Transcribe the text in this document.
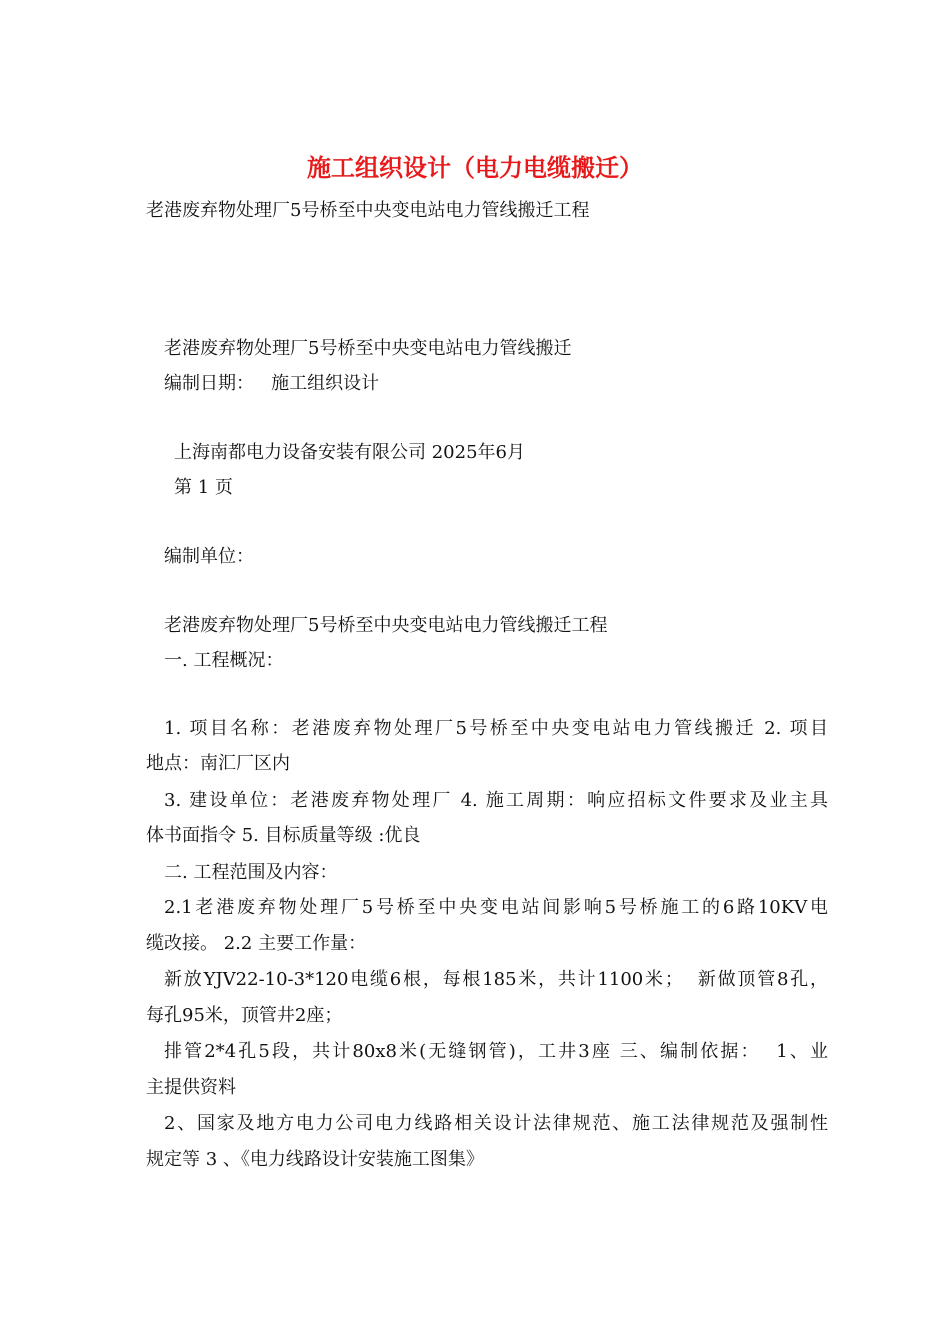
施工组织设计（电力电缆搬迁）
老港废弃物处理厂5号桥至中央变电站电力管线搬迁工程
老港废弃物处理厂5号桥至中央变电站电力管线搬迁
编制日期：   施工组织设计
上海南都电力设备安装有限公司 2025年6月
第 1 页
编制单位：
老港废弃物处理厂5号桥至中央变电站电力管线搬迁工程
一. 工程概况：
1. 项目名称：老港废弃物处理厂5号桥至中央变电站电力管线搬迁 2. 项目
地点：南汇厂区内
3. 建设单位：老港废弃物处理厂 4. 施工周期：响应招标文件要求及业主具
体书面指令 5. 目标质量等级 :优良
二. 工程范围及内容：
2.1老港废弃物处理厂5号桥至中央变电站间影响5号桥施工的6路10KV电
缆改接。 2.2 主要工作量：
新放YJV22-10-3*120电缆6根，每根185米，共计1100米；  新做顶管8孔，
每孔95米，顶管井2座；
排管2*4孔5段，共计80x8米(无缝钢管)，工井3座 三、编制依据：  1、业
主提供资料
2、国家及地方电力公司电力线路相关设计法律规范、施工法律规范及强制性
规定等 3 、《电力线路设计安装施工图集》
